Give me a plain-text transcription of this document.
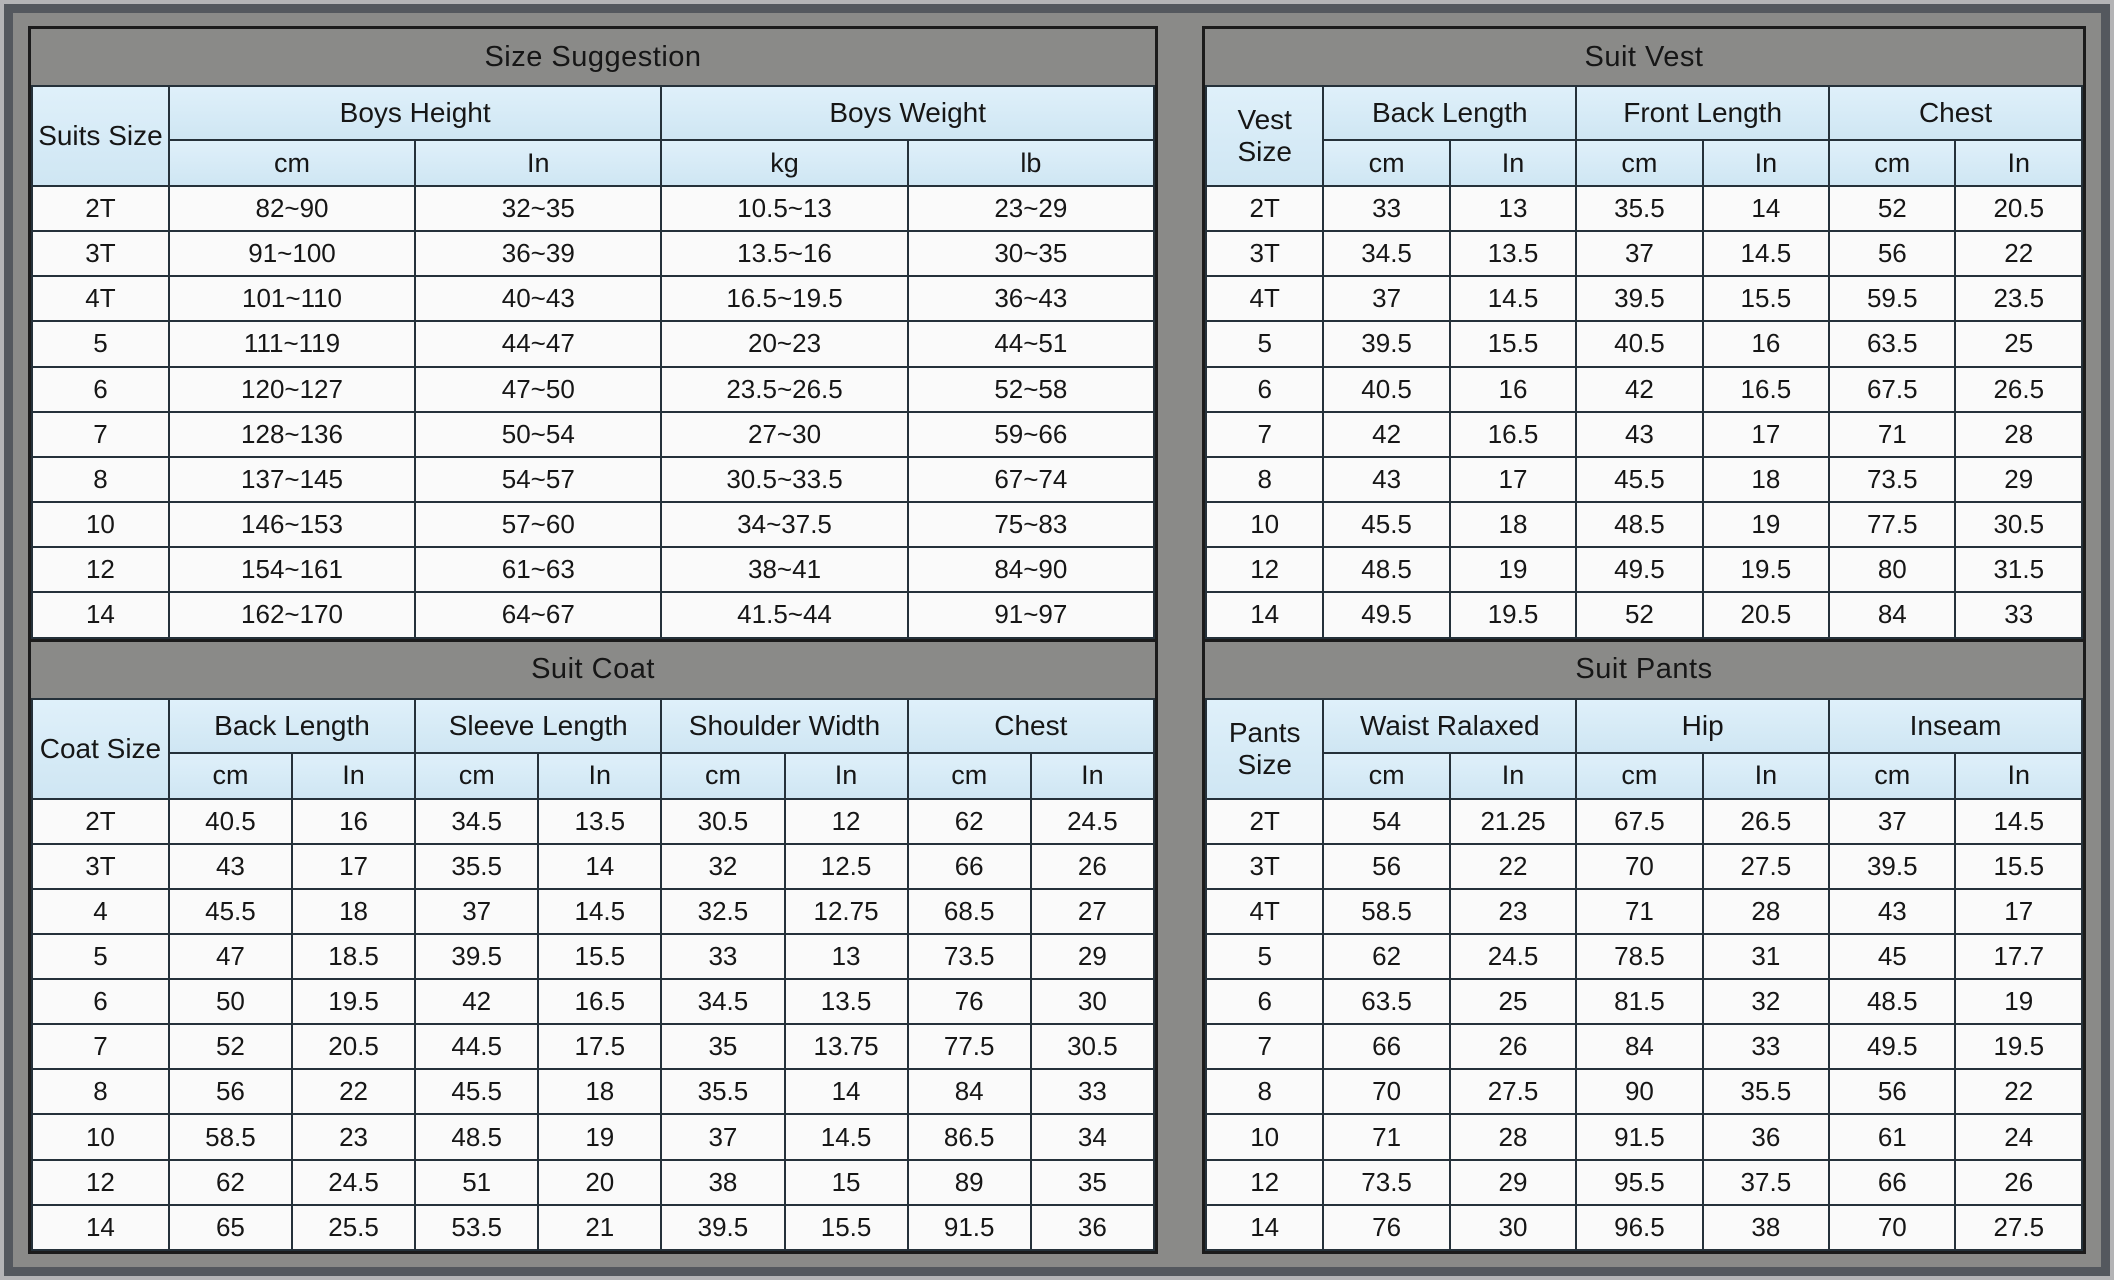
Size Suggestion
Suits Size	Boys Height		Boys Weight	
	cm	In	kg	lb
2T	82~90	32~35	10.5~13	23~29
3T	91~100	36~39	13.5~16	30~35
4T	101~110	40~43	16.5~19.5	36~43
5	111~119	44~47	20~23	44~51
6	120~127	47~50	23.5~26.5	52~58
7	128~136	50~54	27~30	59~66
8	137~145	54~57	30.5~33.5	67~74
10	146~153	57~60	34~37.5	75~83
12	154~161	61~63	38~41	84~90
14	162~170	64~67	41.5~44	91~97
Suit Coat
Coat Size	Back Length		Sleeve Length		Shoulder Width		Chest	
	cm	In	cm	In	cm	In	cm	In
2T	40.5	16	34.5	13.5	30.5	12	62	24.5
3T	43	17	35.5	14	32	12.5	66	26
4	45.5	18	37	14.5	32.5	12.75	68.5	27
5	47	18.5	39.5	15.5	33	13	73.5	29
6	50	19.5	42	16.5	34.5	13.5	76	30
7	52	20.5	44.5	17.5	35	13.75	77.5	30.5
8	56	22	45.5	18	35.5	14	84	33
10	58.5	23	48.5	19	37	14.5	86.5	34
12	62	24.5	51	20	38	15	89	35
14	65	25.5	53.5	21	39.5	15.5	91.5	36
Suit Vest
Vest Size	Back Length		Front Length		Chest	
	cm	In	cm	In	cm	In
2T	33	13	35.5	14	52	20.5
3T	34.5	13.5	37	14.5	56	22
4T	37	14.5	39.5	15.5	59.5	23.5
5	39.5	15.5	40.5	16	63.5	25
6	40.5	16	42	16.5	67.5	26.5
7	42	16.5	43	17	71	28
8	43	17	45.5	18	73.5	29
10	45.5	18	48.5	19	77.5	30.5
12	48.5	19	49.5	19.5	80	31.5
14	49.5	19.5	52	20.5	84	33
Suit Pants
Pants Size	Waist Ralaxed		Hip		Inseam	
	cm	In	cm	In	cm	In
2T	54	21.25	67.5	26.5	37	14.5
3T	56	22	70	27.5	39.5	15.5
4T	58.5	23	71	28	43	17
5	62	24.5	78.5	31	45	17.7
6	63.5	25	81.5	32	48.5	19
7	66	26	84	33	49.5	19.5
8	70	27.5	90	35.5	56	22
10	71	28	91.5	36	61	24
12	73.5	29	95.5	37.5	66	26
14	76	30	96.5	38	70	27.5
